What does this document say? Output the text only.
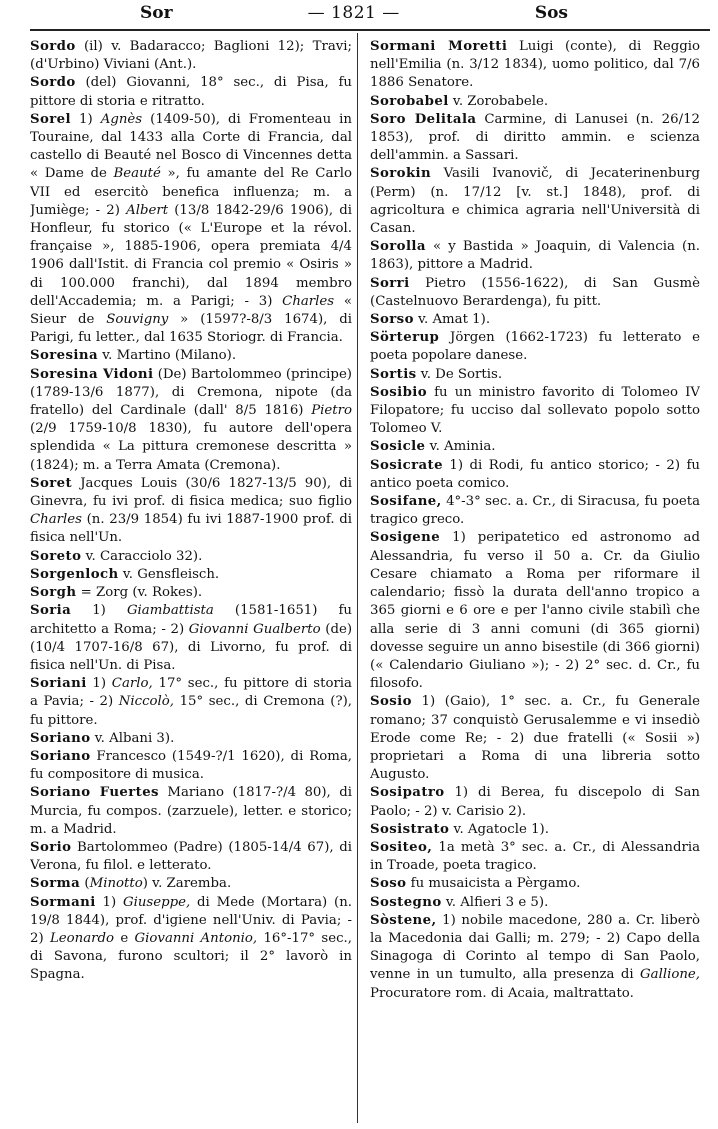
Sor	— 1821 —	Sos

Sordo (il) v. Badaracco; Baglioni 12); Travi; (d'Urbino) Viviani (Ant.).

Sordo (del) Giovanni, 18° sec., di Pisa, fu pittore di storia e ritratto.

Sorel 1) Agnès (1409-50), di Fromenteau in Touraine, dal 1433 alla Corte di Francia, dal castello di Beauté nel Bosco di Vincennes detta « Dame de Beauté », fu amante del Re Carlo VII ed esercitò benefica influenza; m. a Jumiège; - 2) Albert (13/8 1842-29/6 1906), di Honfleur, fu storico (« L'Europe et la révol. française », 1885-1906, opera premiata 4/4 1906 dall'Istit. di Francia col premio « Osiris » di 100.000 franchi), dal 1894 membro dell'Accademia; m. a Parigi; - 3) Charles « Sieur de Souvigny » (1597?-8/3 1674), di Parigi, fu letter., dal 1635 Storiogr. di Francia.

Soresina v. Martino (Milano).

Soresina Vidoni (De) Bartolommeo (principe) (1789-13/6 1877), di Cremona, nipote (da fratello) del Cardinale (dall' 8/5 1816) Pietro (2/9 1759-10/8 1830), fu autore dell'opera splendida « La pittura cremonese descritta » (1824); m. a Terra Amata (Cremona).

Soret Jacques Louis (30/6 1827-13/5 90), di Ginevra, fu ivi prof. di fisica medica; suo figlio Charles (n. 23/9 1854) fu ivi 1887-1900 prof. di fisica nell'Un.

Soreto v. Caracciolo 32).

Sorgenloch v. Gensfleisch.

Sorgh = Zorg (v. Rokes).

Soria 1) Giambattista (1581-1651) fu architetto a Roma; - 2) Giovanni Gualberto (de) (10/4 1707-16/8 67), di Livorno, fu prof. di fisica nell'Un. di Pisa.

Soriani 1) Carlo, 17° sec., fu pittore di storia a Pavia; - 2) Niccolò, 15° sec., di Cremona (?), fu pittore.

Soriano v. Albani 3).

Soriano Francesco (1549-?/1 1620), di Roma, fu compositore di musica.

Soriano Fuertes Mariano (1817-?/4 80), di Murcia, fu compos. (zarzuele), letter. e storico; m. a Madrid.

Sorio Bartolommeo (Padre) (1805-14/4 67), di Verona, fu filol. e letterato.

Sorma (Minotto) v. Zaremba.

Sormani 1) Giuseppe, di Mede (Mortara) (n. 19/8 1844), prof. d'igiene nell'Univ. di Pavia; - 2) Leonardo e Giovanni Antonio, 16°-17° sec., di Savona, furono scultori; il 2° lavorò in Spagna.

Sormani Moretti Luigi (conte), di Reggio nell'Emilia (n. 3/12 1834), uomo politico, dal 7/6 1886 Senatore.

Sorobabel v. Zorobabele.

Soro Delitala Carmine, di Lanusei (n. 26/12 1853), prof. di diritto ammin. e scienza dell'ammin. a Sassari.

Sorokin Vasili Ivanovič, di Jecaterinenburg (Perm) (n. 17/12 [v. st.] 1848), prof. di agricoltura e chimica agraria nell'Università di Casan.

Sorolla « y Bastida » Joaquin, di Valencia (n. 1863), pittore a Madrid.

Sorri Pietro (1556-1622), di San Gusmè (Castelnuovo Berardenga), fu pitt.

Sorso v. Amat 1).

Sörterup Jörgen (1662-1723) fu letterato e poeta popolare danese.

Sortis v. De Sortis.

Sosibio fu un ministro favorito di Tolomeo IV Filopatore; fu ucciso dal sollevato popolo sotto Tolomeo V.

Sosicle v. Aminia.

Sosicrate 1) di Rodi, fu antico storico; - 2) fu antico poeta comico.

Sosifane, 4°-3° sec. a. Cr., di Siracusa, fu poeta tragico greco.

Sosigene 1) peripatetico ed astronomo ad Alessandria, fu verso il 50 a. Cr. da Giulio Cesare chiamato a Roma per riformare il calendario; fissò la durata dell'anno tropico a 365 giorni e 6 ore e per l'anno civile stabilì che alla serie di 3 anni comuni (di 365 giorni) dovesse seguire un anno bisestile (di 366 giorni) (« Calendario Giuliano »); - 2) 2° sec. d. Cr., fu filosofo.

Sosio 1) (Gaio), 1° sec. a. Cr., fu Generale romano; 37 conquistò Gerusalemme e vi insediò Erode come Re; - 2) due fratelli (« Sosii ») proprietari a Roma di una libreria sotto Augusto.

Sosipatro 1) di Berea, fu discepolo di San Paolo; - 2) v. Carisio 2).

Sosistrato v. Agatocle 1).

Sositeo, 1a metà 3° sec. a. Cr., di Alessandria in Troade, poeta tragico.

Soso fu musaicista a Pèrgamo.

Sostegno v. Alfieri 3 e 5).

Sòstene, 1) nobile macedone, 280 a. Cr. liberò la Macedonia dai Galli; m. 279; - 2) Capo della Sinagoga di Corinto al tempo di San Paolo, venne in un tumulto, alla presenza di Gallione, Procuratore rom. di Acaia, maltrattato.
